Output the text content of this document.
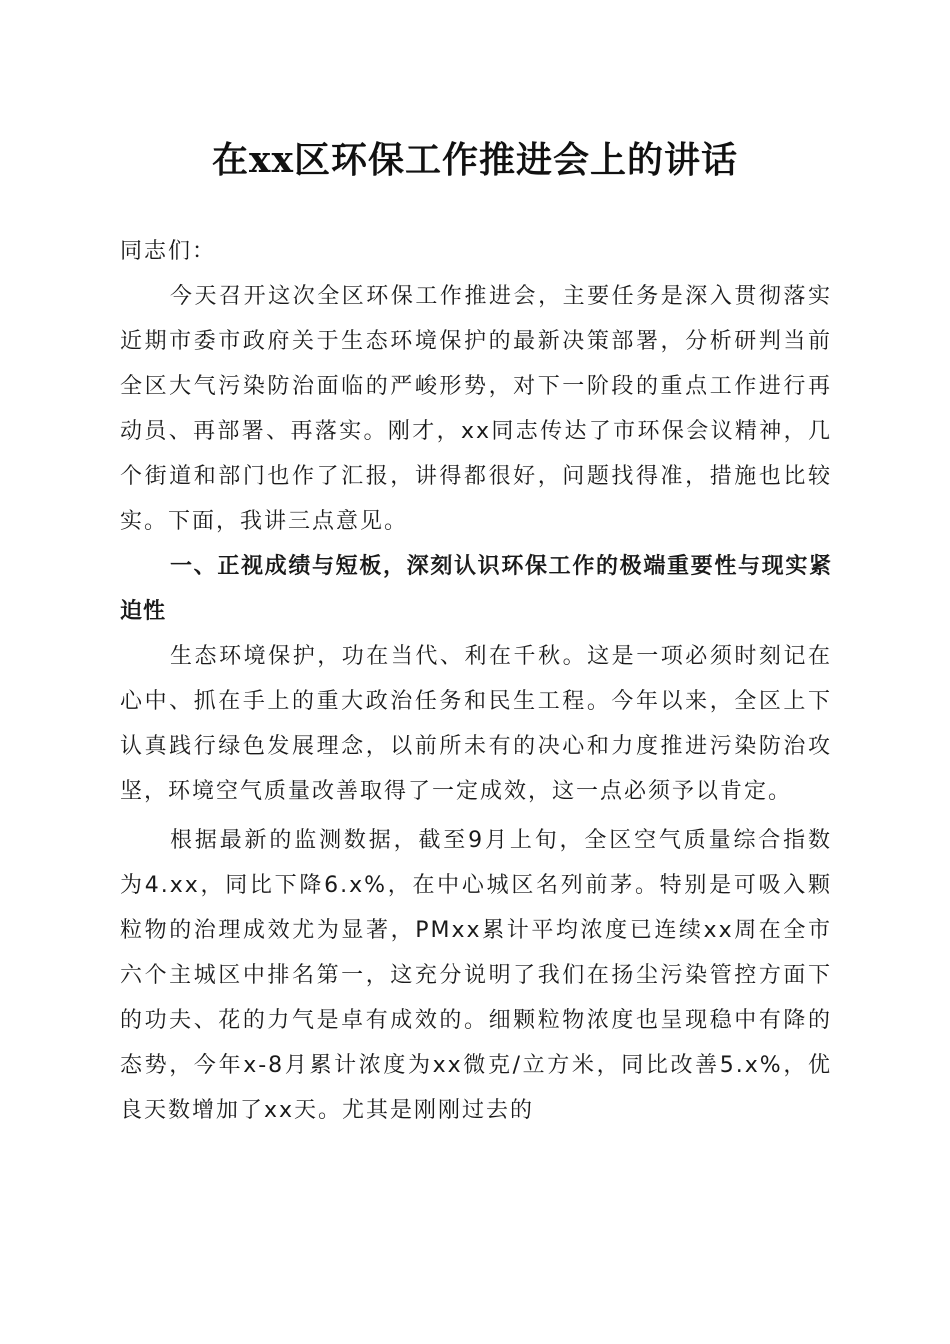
在xx区环保工作推进会上的讲话

同志们：

今天召开这次全区环保工作推进会，主要任务是深入贯彻落实近期市委市政府关于生态环境保护的最新决策部署，分析研判当前全区大气污染防治面临的严峻形势，对下一阶段的重点工作进行再动员、再部署、再落实。刚才，xx同志传达了市环保会议精神，几个街道和部门也作了汇报，讲得都很好，问题找得准，措施也比较实。下面，我讲三点意见。

一、正视成绩与短板，深刻认识环保工作的极端重要性与现实紧迫性

生态环境保护，功在当代、利在千秋。这是一项必须时刻记在心中、抓在手上的重大政治任务和民生工程。今年以来，全区上下认真践行绿色发展理念，以前所未有的决心和力度推进污染防治攻坚，环境空气质量改善取得了一定成效，这一点必须予以肯定。

根据最新的监测数据，截至9月上旬，全区空气质量综合指数为4.xx，同比下降6.x%，在中心城区名列前茅。特别是可吸入颗粒物的治理成效尤为显著，PMxx累计平均浓度已连续xx周在全市六个主城区中排名第一，这充分说明了我们在扬尘污染管控方面下的功夫、花的力气是卓有成效的。细颗粒物浓度也呈现稳中有降的态势，今年x-8月累计浓度为xx微克/立方米，同比改善5.x%，优良天数增加了xx天。尤其是刚刚过去的
